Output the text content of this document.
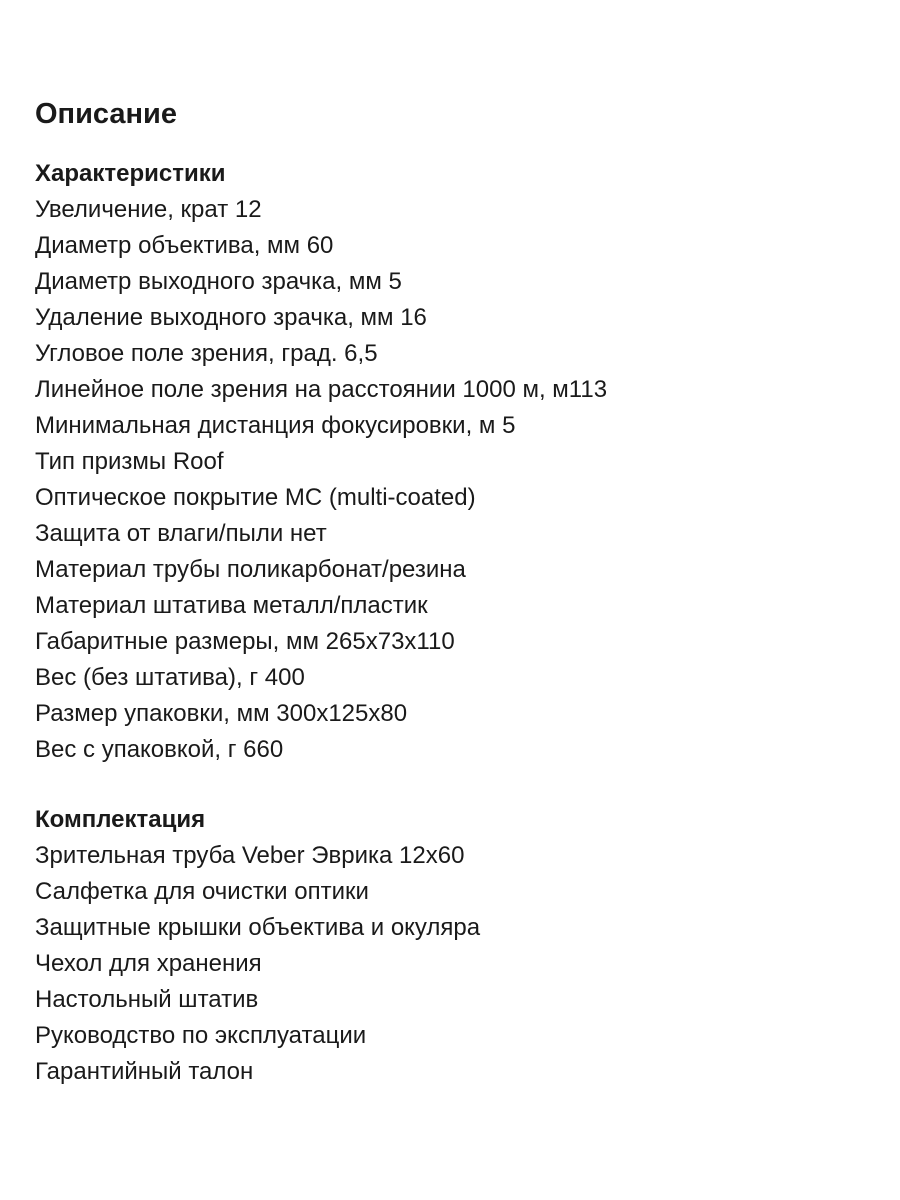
Описание
Характеристики
Увеличение, крат 12
Диаметр объектива, мм 60
Диаметр выходного зрачка, мм 5
Удаление выходного зрачка, мм 16
Угловое поле зрения, град. 6,5
Линейное поле зрения на расстоянии 1000 м, м113
Минимальная дистанция фокусировки, м 5
Тип призмы Roof
Оптическое покрытие MC (multi-coated)
Защита от влаги/пыли нет
Материал трубы поликарбонат/резина
Материал штатива металл/пластик
Габаритные размеры, мм 265x73x110
Вес (без штатива), г 400
Размер упаковки, мм 300x125x80
Вес с упаковкой, г 660
Комплектация
Зрительная труба Veber Эврика 12x60
Салфетка для очистки оптики
Защитные крышки объектива и окуляра
Чехол для хранения
Настольный штатив
Руководство по эксплуатации
Гарантийный талон
